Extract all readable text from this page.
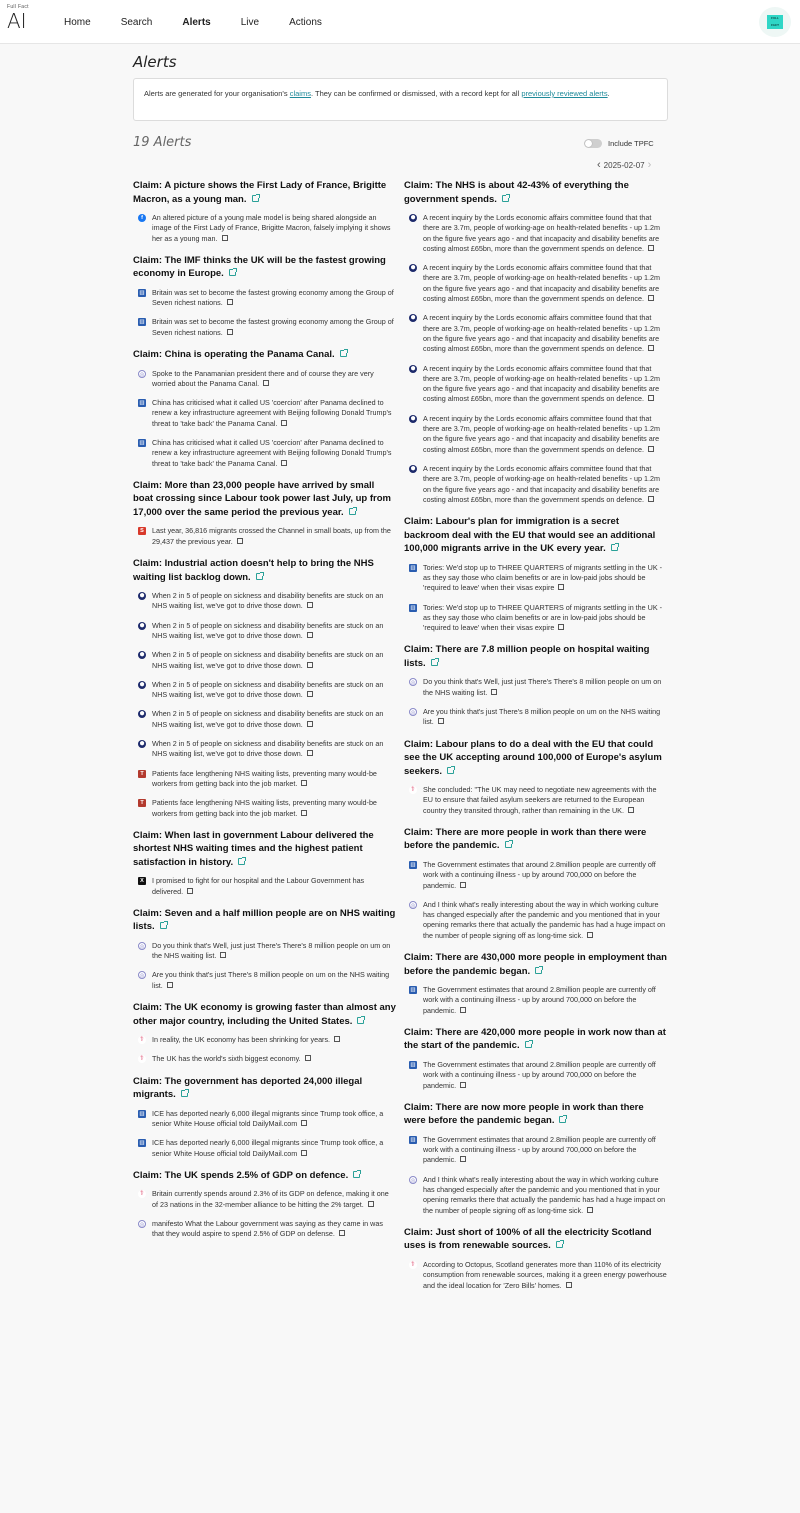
Full Fact
AI	Home	Search	Alerts	Live	Actions	FULL FACT
Alerts
Alerts are generated for your organisation's claims. They can be confirmed or dismissed, with a record kept for all previously reviewed alerts.
19 Alerts	Include TPFC
‹ 2025-02-07 ›
Claim: A picture shows the First Lady of France, Brigitte Macron, as a young man.
f	An altered picture of a young male model is being shared alongside an image of the First Lady of France, Brigitte Macron, falsely implying it shows her as a young man.
Claim: The IMF thinks the UK will be the fastest growing economy in Europe.
▥ Britain was set to become the fastest growing economy among the Group of Seven richest nations.
▥ Britain was set to become the fastest growing economy among the Group of Seven richest nations.
Claim: China is operating the Panama Canal.
◎ Spoke to the Panamanian president there and of course they are very worried about the Panama Canal.
▥ China has criticised what it called US 'coercion' after Panama declined to renew a key infrastructure agreement with Beijing following Donald Trump's threat to 'take back' the Panama Canal.
▥ China has criticised what it called US 'coercion' after Panama declined to renew a key infrastructure agreement with Beijing following Donald Trump's threat to 'take back' the Panama Canal.
Claim: More than 23,000 people have arrived by small boat crossing since Labour took power last July, up from 17,000 over the same period the previous year.
S	Last year, 36,816 migrants crossed the Channel in small boats, up from the 29,437 the previous year.
Claim: Industrial action doesn't help to bring the NHS waiting list backlog down.
⬢ When 2 in 5 of people on sickness and disability benefits are stuck on an NHS waiting list, we've got to drive those down.
⬢ When 2 in 5 of people on sickness and disability benefits are stuck on an NHS waiting list, we've got to drive those down.
⬢ When 2 in 5 of people on sickness and disability benefits are stuck on an NHS waiting list, we've got to drive those down.
⬢ When 2 in 5 of people on sickness and disability benefits are stuck on an NHS waiting list, we've got to drive those down.
⬢ When 2 in 5 of people on sickness and disability benefits are stuck on an NHS waiting list, we've got to drive those down.
⬢ When 2 in 5 of people on sickness and disability benefits are stuck on an NHS waiting list, we've got to drive those down.
T	Patients face lengthening NHS waiting lists, preventing many would-be workers from getting back into the job market.
T	Patients face lengthening NHS waiting lists, preventing many would-be workers from getting back into the job market.
Claim: When last in government Labour delivered the shortest NHS waiting times and the highest patient satisfaction in history.
X	I promised to fight for our hospital and the Labour Government has delivered.
Claim: Seven and a half million people are on NHS waiting lists.
◎ Do you think that's Well, just just There's There's 8 million people on um on the NHS waiting list.
◎ Are you think that's just There's 8 million people on um on the NHS waiting list.
Claim: The UK economy is growing faster than almost any other major country, including the United States.
⚕ In reality, the UK economy has been shrinking for years.
⚕ The UK has the world's sixth biggest economy.
Claim: The government has deported 24,000 illegal migrants.
▥ ICE has deported nearly 6,000 illegal migrants since Trump took office, a senior White House official told DailyMail.com
▥ ICE has deported nearly 6,000 illegal migrants since Trump took office, a senior White House official told DailyMail.com
Claim: The UK spends 2.5% of GDP on defence.
⚕ Britain currently spends around 2.3% of its GDP on defence, making it one of 23 nations in the 32-member alliance to be hitting the 2% target.
◎ manifesto What the Labour government was saying as they came in was that they would aspire to spend 2.5% of GDP on defense.
Claim: The NHS is about 42-43% of everything the government spends.
⬢ A recent inquiry by the Lords economic affairs committee found that that there are 3.7m, people of working-age on health-related benefits - up 1.2m on the figure five years ago - and that incapacity and disability benefits are costing almost £65bn, more than the government spends on defence.
⬢ A recent inquiry by the Lords economic affairs committee found that that there are 3.7m, people of working-age on health-related benefits - up 1.2m on the figure five years ago - and that incapacity and disability benefits are costing almost £65bn, more than the government spends on defence.
⬢ A recent inquiry by the Lords economic affairs committee found that that there are 3.7m, people of working-age on health-related benefits - up 1.2m on the figure five years ago - and that incapacity and disability benefits are costing almost £65bn, more than the government spends on defence.
⬢ A recent inquiry by the Lords economic affairs committee found that that there are 3.7m, people of working-age on health-related benefits - up 1.2m on the figure five years ago - and that incapacity and disability benefits are costing almost £65bn, more than the government spends on defence.
⬢ A recent inquiry by the Lords economic affairs committee found that that there are 3.7m, people of working-age on health-related benefits - up 1.2m on the figure five years ago - and that incapacity and disability benefits are costing almost £65bn, more than the government spends on defence.
⬢ A recent inquiry by the Lords economic affairs committee found that that there are 3.7m, people of working-age on health-related benefits - up 1.2m on the figure five years ago - and that incapacity and disability benefits are costing almost £65bn, more than the government spends on defence.
Claim: Labour's plan for immigration is a secret backroom deal with the EU that would see an additional 100,000 migrants arrive in the UK every year.
▥ Tories: We'd stop up to THREE QUARTERS of migrants settling in the UK - as they say those who claim benefits or are in low-paid jobs should be 'required to leave' when their visas expire
▥ Tories: We'd stop up to THREE QUARTERS of migrants settling in the UK - as they say those who claim benefits or are in low-paid jobs should be 'required to leave' when their visas expire
Claim: There are 7.8 million people on hospital waiting lists.
◎ Do you think that's Well, just just There's There's 8 million people on um on the NHS waiting list.
◎ Are you think that's just There's 8 million people on um on the NHS waiting list.
Claim: Labour plans to do a deal with the EU that could see the UK accepting around 100,000 of Europe's asylum seekers.
⚕ She concluded: "The UK may need to negotiate new agreements with the EU to ensure that failed asylum seekers are returned to the European country they transited through, rather than remaining in the UK.
Claim: There are more people in work than there were before the pandemic.
▥ The Government estimates that around 2.8million people are currently off work with a continuing illness - up by around 700,000 on before the pandemic.
◎ And I think what's really interesting about the way in which working culture has changed especially after the pandemic and you mentioned that in your opening remarks there that actually the pandemic has had a huge impact on the number of people signing off as long-time sick.
Claim: There are 430,000 more people in employment than before the pandemic began.
▥ The Government estimates that around 2.8million people are currently off work with a continuing illness - up by around 700,000 on before the pandemic.
Claim: There are 420,000 more people in work now than at the start of the pandemic.
▥ The Government estimates that around 2.8million people are currently off work with a continuing illness - up by around 700,000 on before the pandemic.
Claim: There are now more people in work than there were before the pandemic began.
▥ The Government estimates that around 2.8million people are currently off work with a continuing illness - up by around 700,000 on before the pandemic.
◎ And I think what's really interesting about the way in which working culture has changed especially after the pandemic and you mentioned that in your opening remarks there that actually the pandemic has had a huge impact on the number of people signing off as long-time sick.
Claim: Just short of 100% of all the electricity Scotland uses is from renewable sources.
⚕ According to Octopus, Scotland generates more than 110% of its electricity consumption from renewable sources, making it a green energy powerhouse and the ideal location for 'Zero Bills' homes.
